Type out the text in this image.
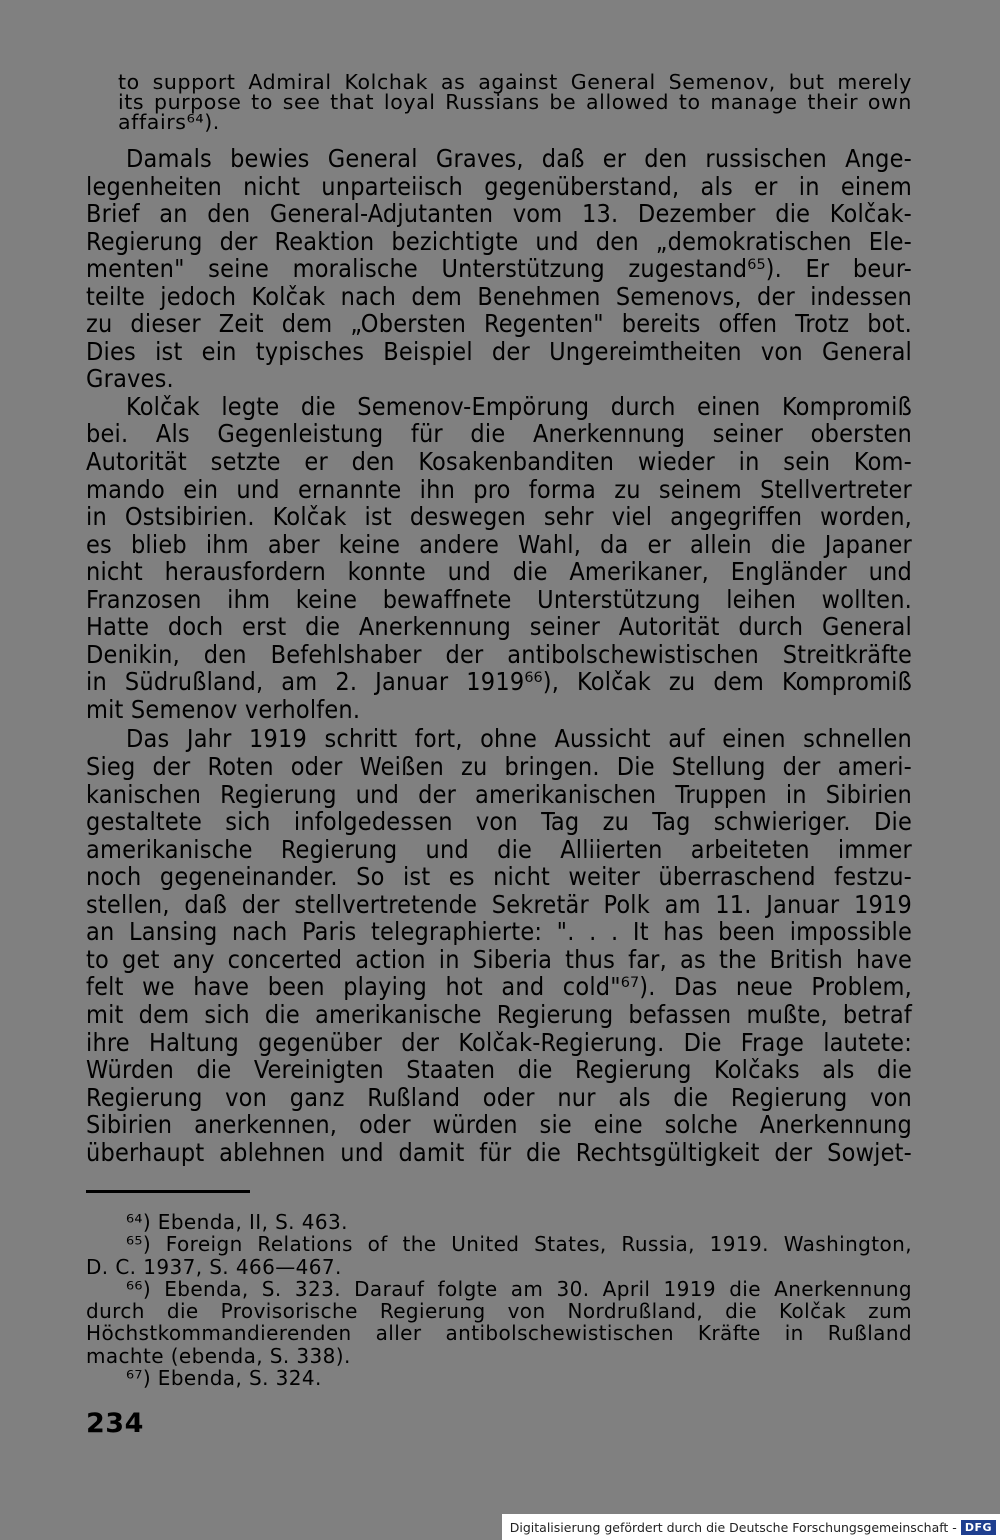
to support Admiral Kolchak as against General Semenov, but merely
its purpose to see that loyal Russians be allowed to manage their own
affairs⁶⁴).
Damals bewies General Graves, daß er den russischen Ange-
legenheiten nicht unparteiisch gegenüberstand, als er in einem
Brief an den General-Adjutanten vom 13. Dezember die Kolčak-
Regierung der Reaktion bezichtigte und den „demokratischen Ele-
menten" seine moralische Unterstützung zugestand⁶⁵). Er beur-
teilte jedoch Kolčak nach dem Benehmen Semenovs, der indessen
zu dieser Zeit dem „Obersten Regenten" bereits offen Trotz bot.
Dies ist ein typisches Beispiel der Ungereimtheiten von General
Graves.
Kolčak legte die Semenov-Empörung durch einen Kompromiß
bei. Als Gegenleistung für die Anerkennung seiner obersten
Autorität setzte er den Kosakenbanditen wieder in sein Kom-
mando ein und ernannte ihn pro forma zu seinem Stellvertreter
in Ostsibirien. Kolčak ist deswegen sehr viel angegriffen worden,
es blieb ihm aber keine andere Wahl, da er allein die Japaner
nicht herausfordern konnte und die Amerikaner, Engländer und
Franzosen ihm keine bewaffnete Unterstützung leihen wollten.
Hatte doch erst die Anerkennung seiner Autorität durch General
Denikin, den Befehlshaber der antibolschewistischen Streitkräfte
in Südrußland, am 2. Januar 1919⁶⁶), Kolčak zu dem Kompromiß
mit Semenov verholfen.
Das Jahr 1919 schritt fort, ohne Aussicht auf einen schnellen
Sieg der Roten oder Weißen zu bringen. Die Stellung der ameri-
kanischen Regierung und der amerikanischen Truppen in Sibirien
gestaltete sich infolgedessen von Tag zu Tag schwieriger. Die
amerikanische Regierung und die Alliierten arbeiteten immer
noch gegeneinander. So ist es nicht weiter überraschend festzu-
stellen, daß der stellvertretende Sekretär Polk am 11. Januar 1919
an Lansing nach Paris telegraphierte: ". . . It has been impossible
to get any concerted action in Siberia thus far, as the British have
felt we have been playing hot and cold"⁶⁷). Das neue Problem,
mit dem sich die amerikanische Regierung befassen mußte, betraf
ihre Haltung gegenüber der Kolčak-Regierung. Die Frage lautete:
Würden die Vereinigten Staaten die Regierung Kolčaks als die
Regierung von ganz Rußland oder nur als die Regierung von
Sibirien anerkennen, oder würden sie eine solche Anerkennung
überhaupt ablehnen und damit für die Rechtsgültigkeit der Sowjet-
⁶⁴) Ebenda, II, S. 463.
⁶⁵) Foreign Relations of the United States, Russia, 1919. Washington,
D. C. 1937, S. 466—467.
⁶⁶) Ebenda, S. 323. Darauf folgte am 30. April 1919 die Anerkennung
durch die Provisorische Regierung von Nordrußland, die Kolčak zum
Höchstkommandierenden aller antibolschewistischen Kräfte in Rußland
machte (ebenda, S. 338).
⁶⁷) Ebenda, S. 324.
234
Digitalisierung gefördert durch die Deutsche Forschungsgemeinschaft - DFG
